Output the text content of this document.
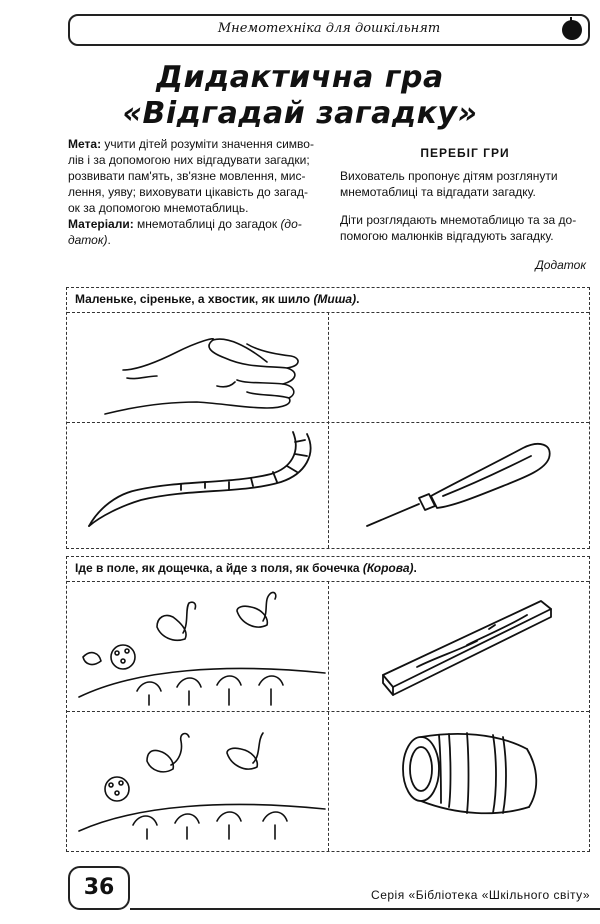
Мнемотехніка для дошкільнят
Дидактична гра
«Відгадай загадку»
Мета: учити дітей розуміти значення симво-
лів і за допомогою них відгадувати загадки;
розвивати пам'ять, зв'язне мовлення, мис-
лення, уяву; виховувати цікавість до загад-
ок за допомогою мнемотаблиць.
Матеріали: мнемотаблиці до загадок (до-
даток).
ПЕРЕБІГ ГРИ
Вихователь пропонує дітям розглянути
мнемотаблиці та відгадати загадку.
Діти розглядають мнемотаблицю та за до-
помогою малюнків відгадують загадку.
Додаток
Маленьке, сіреньке, а хвостик, як шило (Миша).
Іде в поле, як дощечка, а йде з поля, як бочечка (Корова).
36	Серія «Бібліотека «Шкільного світу»
